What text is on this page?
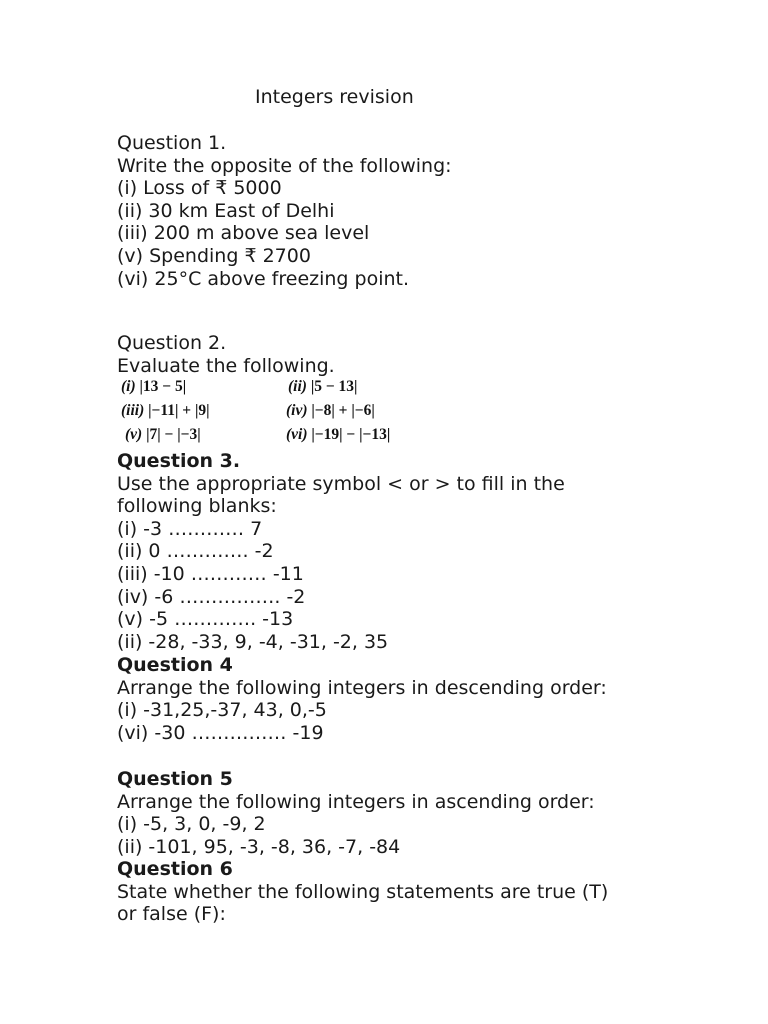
Integers revision
Question 1.
Write the opposite of the following:
(i) Loss of ₹ 5000
(ii) 30 km East of Delhi
(iii) 200 m above sea level
(v) Spending ₹ 2700
(vi) 25°C above freezing point.
Question 2.
Evaluate the following.
(i) |13 − 5|	(ii) |5 − 13|
(iii) |−11| + |9|	(iv) |−8| + |−6|
(v) |7| − |−3|	(vi) |−19| − |−13|
Question 3.
Use the appropriate symbol < or > to fill in the
following blanks:
(i) -3 ………… 7
(ii) 0 …………. -2
(iii) -10 ………… -11
(iv) -6 ……………. -2
(v) -5 …………. -13
(ii) -28, -33, 9, -4, -31, -2, 35
Question 4
Arrange the following integers in descending order:
(i) -31,25,-37, 43, 0,-5
(vi) -30 …………… -19
Question 5
Arrange the following integers in ascending order:
(i) -5, 3, 0, -9, 2
(ii) -101, 95, -3, -8, 36, -7, -84
Question 6
State whether the following statements are true (T)
or false (F):
